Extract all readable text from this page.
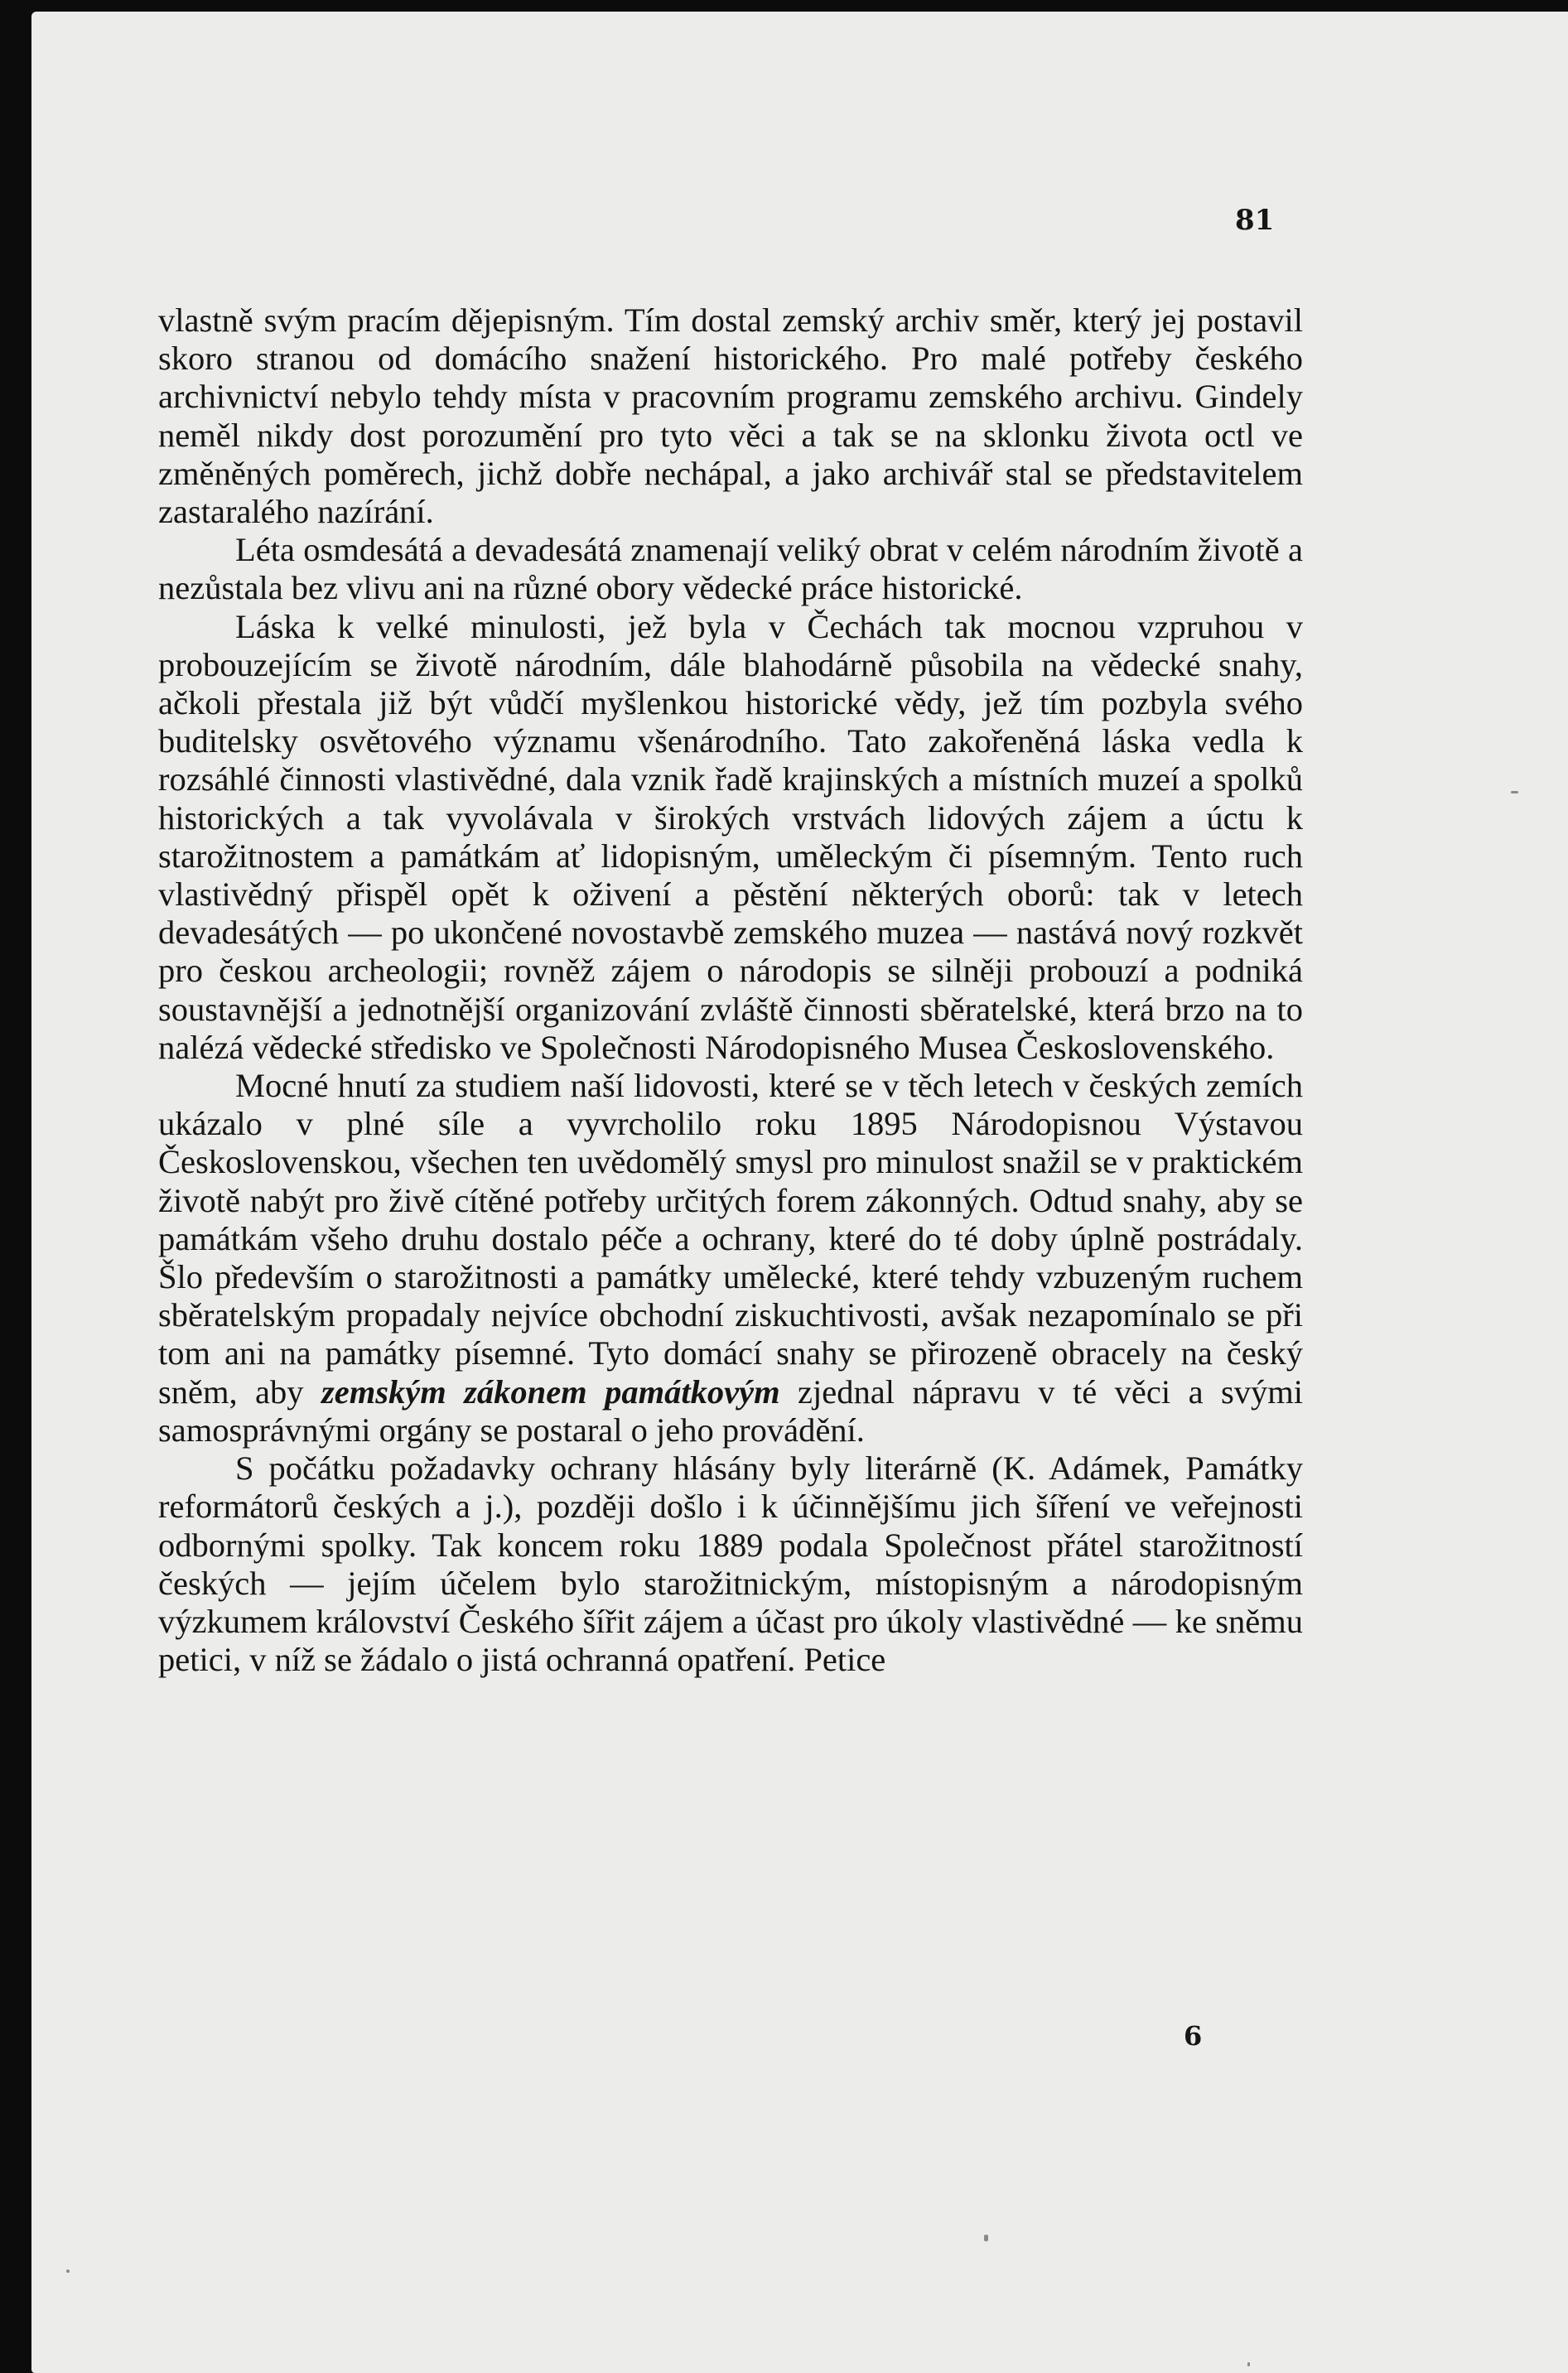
81

vlastně svým pracím dějepisným. Tím dostal zemský archiv směr, který jej postavil skoro stranou od domácího snažení historického. Pro malé potřeby českého archivnictví nebylo tehdy místa v pracovním programu zemského archivu. Gindely neměl nikdy dost porozumění pro tyto věci a tak se na sklonku života octl ve změněných poměrech, jichž dobře nechápal, a jako archivář stal se představitelem zastaralého nazírání.

Léta osmdesátá a devadesátá znamenají veliký obrat v celém národním životě a nezůstala bez vlivu ani na různé obory vědecké práce historické.

Láska k velké minulosti, jež byla v Čechách tak mocnou vzpruhou v probouzejícím se životě národním, dále blahodárně působila na vědecké snahy, ačkoli přestala již být vůdčí myšlenkou historické vědy, jež tím pozbyla svého buditelsky osvětového významu všenárodního. Tato zakořeněná láska vedla k rozsáhlé činnosti vlastivědné, dala vznik řadě krajinských a místních muzeí a spolků historických a tak vyvolávala v širokých vrstvách lidových zájem a úctu k starožitnostem a památkám ať lidopisným, uměleckým či písemným. Tento ruch vlastivědný přispěl opět k oživení a pěstění některých oborů: tak v letech devadesátých — po ukončené novostavbě zemského muzea — nastává nový rozkvět pro českou archeologii; rovněž zájem o národopis se silněji probouzí a podniká soustavnější a jednotnější organizování zvláště činnosti sběratelské, která brzo na to nalézá vědecké středisko ve Společnosti Národopisného Musea Československého.

Mocné hnutí za studiem naší lidovosti, které se v těch letech v českých zemích ukázalo v plné síle a vyvrcholilo roku 1895 Národopisnou Výstavou Československou, všechen ten uvědomělý smysl pro minulost snažil se v praktickém životě nabýt pro živě cítěné potřeby určitých forem zákonných. Odtud snahy, aby se památkám všeho druhu dostalo péče a ochrany, které do té doby úplně postrádaly. Šlo především o starožitnosti a památky umělecké, které tehdy vzbuzeným ruchem sběratelským propadaly nejvíce obchodní ziskuchtivosti, avšak nezapomínalo se při tom ani na památky písemné. Tyto domácí snahy se přirozeně obracely na český sněm, aby zemským zákonem památkovým zjednal nápravu v té věci a svými samosprávnými orgány se postaral o jeho provádění.

S počátku požadavky ochrany hlásány byly literárně (K. Adámek, Památky reformátorů českých a j.), později došlo i k účinnějšímu jich šíření ve veřejnosti odbornými spolky. Tak koncem roku 1889 podala Společnost přátel starožitností českých — jejím účelem bylo starožitnickým, místopisným a národopisným výzkumem království Českého šířit zájem a účast pro úkoly vlastivědné — ke sněmu petici, v níž se žádalo o jistá ochranná opatření. Petice

6
